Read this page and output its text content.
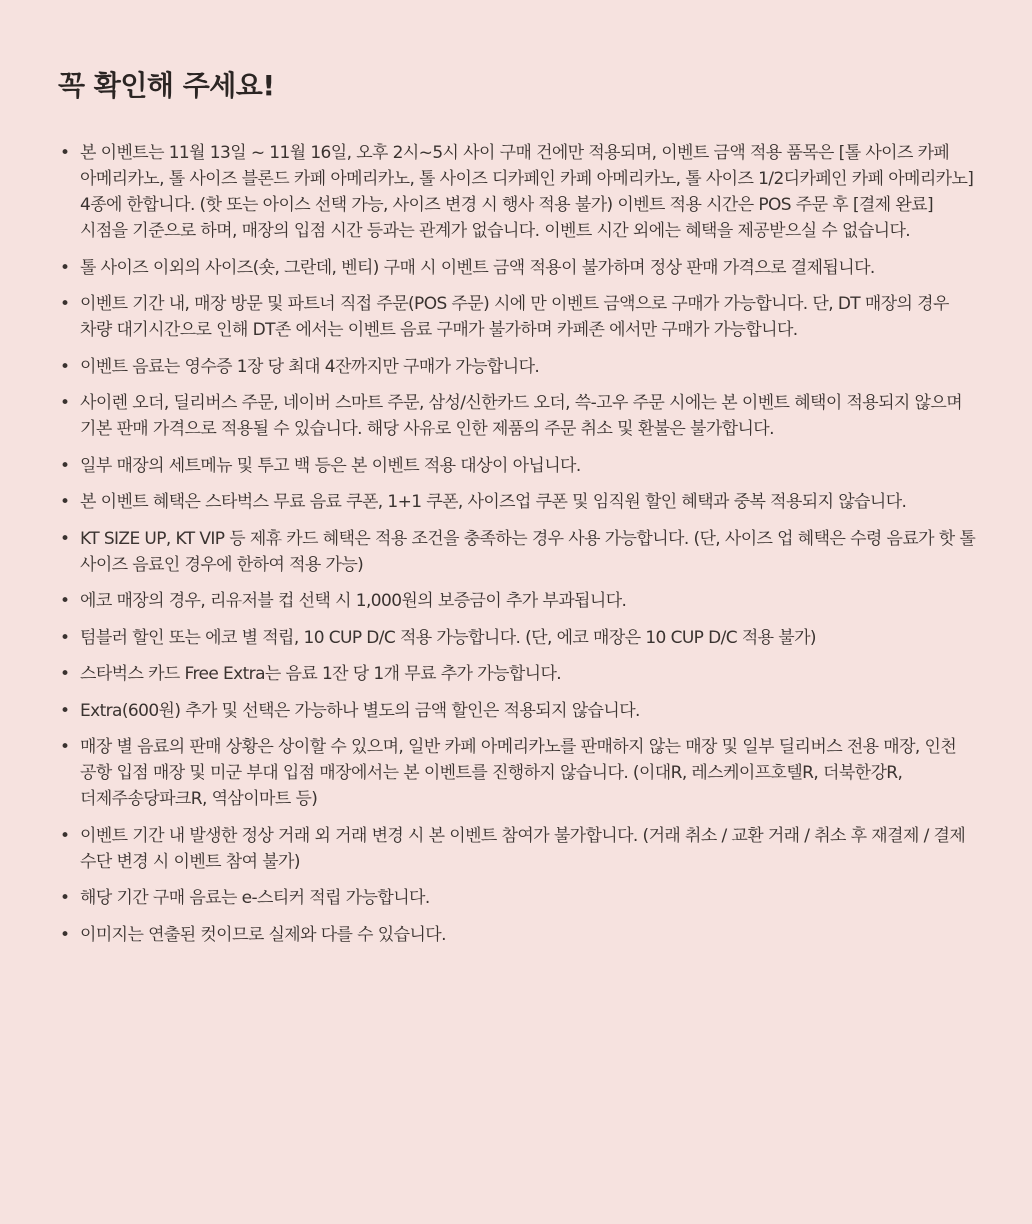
꼭 확인해 주세요!
• 본 이벤트는 11월 13일 ~ 11월 16일, 오후 2시~5시 사이 구매 건에만 적용되며, 이벤트 금액 적용 품목은 [톨 사이즈 카페 아메리카노, 톨 사이즈 블론드 카페 아메리카노, 톨 사이즈 디카페인 카페 아메리카노, 톨 사이즈 1/2디카페인 카페 아메리카노] 4종에 한합니다. (핫 또는 아이스 선택 가능, 사이즈 변경 시 행사 적용 불가) 이벤트 적용 시간은 POS 주문 후 [결제 완료] 시점을 기준으로 하며, 매장의 입점 시간 등과는 관계가 없습니다. 이벤트 시간 외에는 혜택을 제공받으실 수 없습니다.
• 톨 사이즈 이외의 사이즈(숏, 그란데, 벤티) 구매 시 이벤트 금액 적용이 불가하며 정상 판매 가격으로 결제됩니다.
• 이벤트 기간 내, 매장 방문 및 파트너 직접 주문(POS 주문) 시에 만 이벤트 금액으로 구매가 가능합니다. 단, DT 매장의 경우 차량 대기시간으로 인해 DT존 에서는 이벤트 음료 구매가 불가하며 카페존 에서만 구매가 가능합니다.
• 이벤트 음료는 영수증 1장 당 최대 4잔까지만 구매가 가능합니다.
• 사이렌 오더, 딜리버스 주문, 네이버 스마트 주문, 삼성/신한카드 오더, 쓱-고우 주문 시에는 본 이벤트 혜택이 적용되지 않으며 기본 판매 가격으로 적용될 수 있습니다. 해당 사유로 인한 제품의 주문 취소 및 환불은 불가합니다.
• 일부 매장의 세트메뉴 및 투고 백 등은 본 이벤트 적용 대상이 아닙니다.
• 본 이벤트 혜택은 스타벅스 무료 음료 쿠폰, 1+1 쿠폰, 사이즈업 쿠폰 및 임직원 할인 혜택과 중복 적용되지 않습니다.
• KT SIZE UP, KT VIP 등 제휴 카드 혜택은 적용 조건을 충족하는 경우 사용 가능합니다. (단, 사이즈 업 혜택은 수령 음료가 핫 톨 사이즈 음료인 경우에 한하여 적용 가능)
• 에코 매장의 경우, 리유저블 컵 선택 시 1,000원의 보증금이 추가 부과됩니다.
• 텀블러 할인 또는 에코 별 적립, 10 CUP D/C 적용 가능합니다. (단, 에코 매장은 10 CUP D/C 적용 불가)
• 스타벅스 카드 Free Extra는 음료 1잔 당 1개 무료 추가 가능합니다.
• Extra(600원) 추가 및 선택은 가능하나 별도의 금액 할인은 적용되지 않습니다.
• 매장 별 음료의 판매 상황은 상이할 수 있으며, 일반 카페 아메리카노를 판매하지 않는 매장 및 일부 딜리버스 전용 매장, 인천 공항 입점 매장 및 미군 부대 입점 매장에서는 본 이벤트를 진행하지 않습니다. (이대R, 레스케이프호텔R, 더북한강R, 더제주송당파크R, 역삼이마트 등)
• 이벤트 기간 내 발생한 정상 거래 외 거래 변경 시 본 이벤트 참여가 불가합니다. (거래 취소 / 교환 거래 / 취소 후 재결제 / 결제 수단 변경 시 이벤트 참여 불가)
• 해당 기간 구매 음료는 e-스티커 적립 가능합니다.
• 이미지는 연출된 컷이므로 실제와 다를 수 있습니다.
